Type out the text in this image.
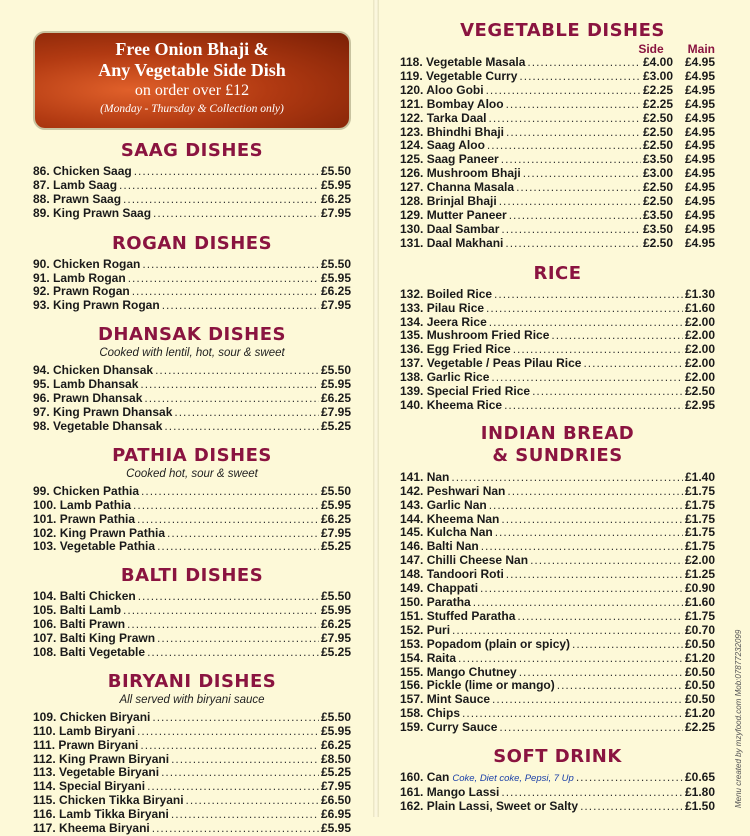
Free Onion Bhaji &
Any Vegetable Side Dish
on order over £12
(Monday - Thursday & Collection only)
SAAG DISHES
86. Chicken Saag .....	£5.50
87. Lamb Saag .....	£5.95
88. Prawn Saag .....	£6.25
89. King Prawn Saag .....	£7.95
ROGAN DISHES
90. Chicken Rogan .....	£5.50
91. Lamb Rogan .....	£5.95
92. Prawn Rogan .....	£6.25
93. King Prawn Rogan .....	£7.95
DHANSAK DISHES
Cooked with lentil, hot, sour & sweet
94. Chicken Dhansak .....	£5.50
95. Lamb Dhansak .....	£5.95
96. Prawn Dhansak .....	£6.25
97. King Prawn Dhansak .....	£7.95
98. Vegetable Dhansak .....	£5.25
PATHIA DISHES
Cooked hot, sour & sweet
99. Chicken Pathia .....	£5.50
100. Lamb Pathia .....	£5.95
101. Prawn Pathia .....	£6.25
102. King Prawn Pathia .....	£7.95
103. Vegetable Pathia .....	£5.25
BALTI DISHES
104. Balti Chicken .....	£5.50
105. Balti Lamb .....	£5.95
106. Balti Prawn .....	£6.25
107. Balti King Prawn .....	£7.95
108. Balti Vegetable .....	£5.25
BIRYANI DISHES
All served with biryani sauce
109. Chicken Biryani .....	£5.50
110. Lamb Biryani .....	£5.95
111. Prawn Biryani .....	£6.25
112. King Prawn Biryani .....	£8.50
113. Vegetable Biryani .....	£5.25
114. Special Biryani .....	£7.95
115. Chicken Tikka Biryani .....	£6.50
116. Lamb Tikka Biryani .....	£6.95
117. Kheema Biryani .....	£5.95
VEGETABLE DISHES
Side Main
118. Vegetable Masala .....	£4.00 £4.95
119. Vegetable Curry .....	£3.00 £4.95
120. Aloo Gobi .....	£2.25 £4.95
121. Bombay Aloo .....	£2.25 £4.95
122. Tarka Daal .....	£2.50 £4.95
123. Bhindhi Bhaji .....	£2.50 £4.95
124. Saag Aloo .....	£2.50 £4.95
125. Saag Paneer .....	£3.50 £4.95
126. Mushroom Bhaji .....	£3.00 £4.95
127. Channa Masala .....	£2.50 £4.95
128. Brinjal Bhaji .....	£2.50 £4.95
129. Mutter Paneer .....	£3.50 £4.95
130. Daal Sambar .....	£3.50 £4.95
131. Daal Makhani .....	£2.50 £4.95
RICE
132. Boiled Rice .....	£1.30
133. Pilau Rice .....	£1.60
134. Jeera Rice .....	£2.00
135. Mushroom Fried Rice .....	£2.00
136. Egg Fried Rice .....	£2.00
137. Vegetable / Peas Pilau Rice .....	£2.00
138. Garlic Rice .....	£2.00
139. Special Fried Rice .....	£2.50
140. Kheema Rice .....	£2.95
INDIAN BREAD
& SUNDRIES
141. Nan .....	£1.40
142. Peshwari Nan .....	£1.75
143. Garlic Nan .....	£1.75
144. Kheema Nan .....	£1.75
145. Kulcha Nan .....	£1.75
146. Balti Nan .....	£1.75
147. Chilli Cheese Nan .....	£2.00
148. Tandoori Roti .....	£1.25
149. Chappati .....	£0.90
150. Paratha .....	£1.60
151. Stuffed Paratha .....	£1.75
152. Puri .....	£0.70
153. Popadom (plain or spicy) .....	£0.50
154. Raita .....	£1.20
155. Mango Chutney .....	£0.50
156. Pickle (lime or mango) .....	£0.50
157. Mint Sauce .....	£0.50
158. Chips .....	£1.20
159. Curry Sauce .....	£2.25
SOFT DRINK
160. Can Coke, Diet coke, Pepsi, 7 Up .....	£0.65
161. Mango Lassi .....	£1.80
162. Plain Lassi, Sweet or Salty .....	£1.50 Menu created by mzyfood.com Mob:07877232099
